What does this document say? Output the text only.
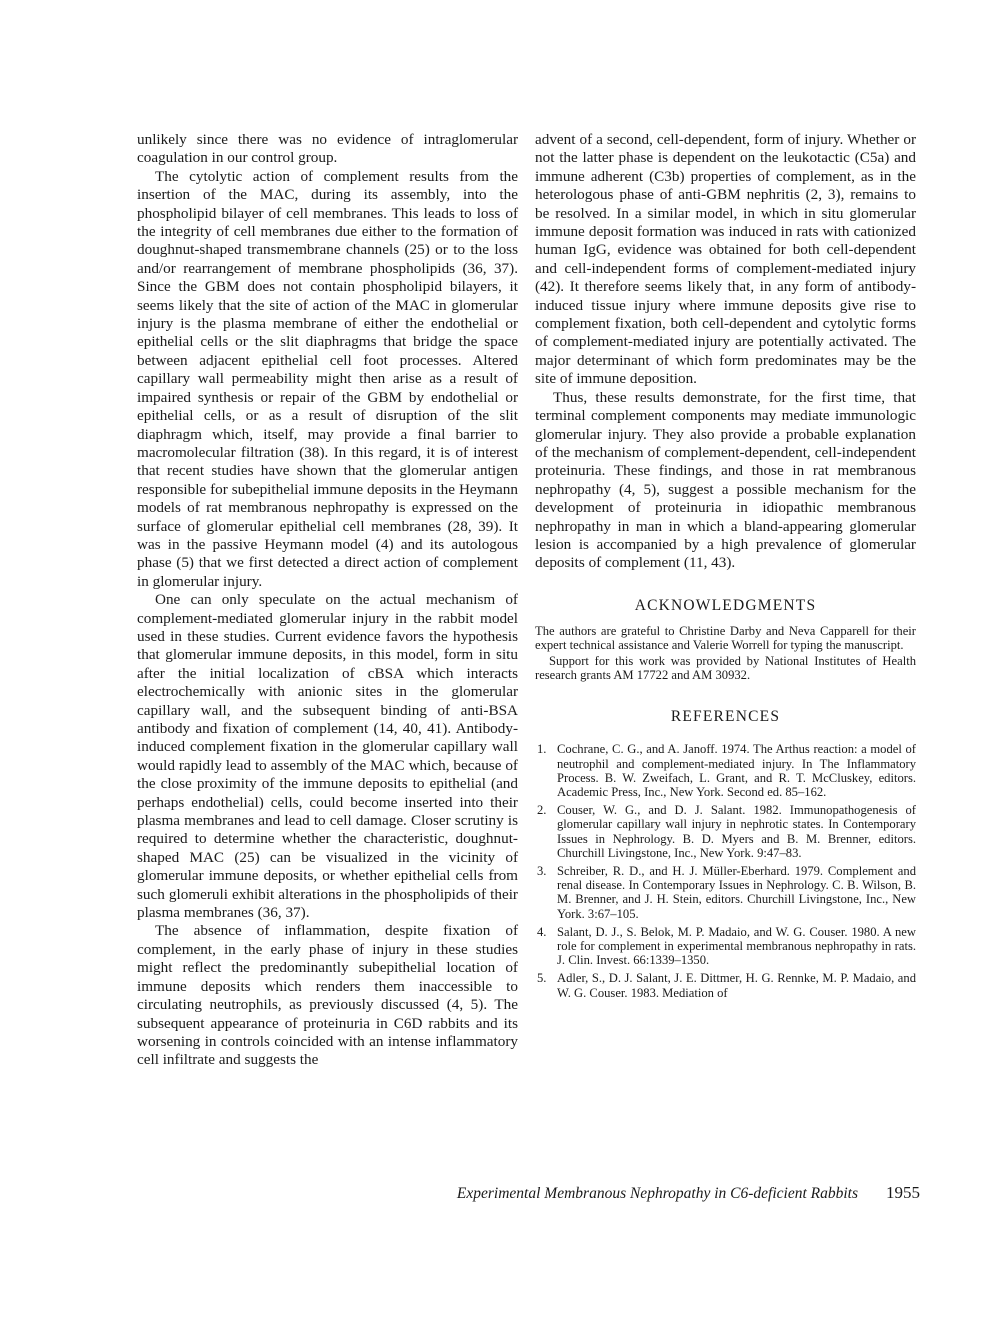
unlikely since there was no evidence of intraglomerular coagulation in our control group.

The cytolytic action of complement results from the insertion of the MAC, during its assembly, into the phospholipid bilayer of cell membranes. This leads to loss of the integrity of cell membranes due either to the formation of doughnut-shaped transmembrane channels (25) or to the loss and/or rearrangement of membrane phospholipids (36, 37). Since the GBM does not contain phospholipid bilayers, it seems likely that the site of action of the MAC in glomerular injury is the plasma membrane of either the endothelial or epithelial cells or the slit diaphragms that bridge the space between adjacent epithelial cell foot processes. Altered capillary wall permeability might then arise as a result of impaired synthesis or repair of the GBM by endothelial or epithelial cells, or as a result of disruption of the slit diaphragm which, itself, may provide a final barrier to macromolecular filtration (38). In this regard, it is of interest that recent studies have shown that the glomerular antigen responsible for subepithelial immune deposits in the Heymann models of rat membranous nephropathy is expressed on the surface of glomerular epithelial cell membranes (28, 39). It was in the passive Heymann model (4) and its autologous phase (5) that we first detected a direct action of complement in glomerular injury.

One can only speculate on the actual mechanism of complement-mediated glomerular injury in the rabbit model used in these studies. Current evidence favors the hypothesis that glomerular immune deposits, in this model, form in situ after the initial localization of cBSA which interacts electrochemically with anionic sites in the glomerular capillary wall, and the subsequent binding of anti-BSA antibody and fixation of complement (14, 40, 41). Antibody-induced complement fixation in the glomerular capillary wall would rapidly lead to assembly of the MAC which, because of the close proximity of the immune deposits to epithelial (and perhaps endothelial) cells, could become inserted into their plasma membranes and lead to cell damage. Closer scrutiny is required to determine whether the characteristic, doughnut-shaped MAC (25) can be visualized in the vicinity of glomerular immune deposits, or whether epithelial cells from such glomeruli exhibit alterations in the phospholipids of their plasma membranes (36, 37).

The absence of inflammation, despite fixation of complement, in the early phase of injury in these studies might reflect the predominantly subepithelial location of immune deposits which renders them inaccessible to circulating neutrophils, as previously discussed (4, 5). The subsequent appearance of proteinuria in C6D rabbits and its worsening in controls coincided with an intense inflammatory cell infiltrate and suggests the

advent of a second, cell-dependent, form of injury. Whether or not the latter phase is dependent on the leukotactic (C5a) and immune adherent (C3b) properties of complement, as in the heterologous phase of anti-GBM nephritis (2, 3), remains to be resolved. In a similar model, in which in situ glomerular immune deposit formation was induced in rats with cationized human IgG, evidence was obtained for both cell-dependent and cell-independent forms of complement-mediated injury (42). It therefore seems likely that, in any form of antibody-induced tissue injury where immune deposits give rise to complement fixation, both cell-dependent and cytolytic forms of complement-mediated injury are potentially activated. The major determinant of which form predominates may be the site of immune deposition.

Thus, these results demonstrate, for the first time, that terminal complement components may mediate immunologic glomerular injury. They also provide a probable explanation of the mechanism of complement-dependent, cell-independent proteinuria. These findings, and those in rat membranous nephropathy (4, 5), suggest a possible mechanism for the development of proteinuria in idiopathic membranous nephropathy in man in which a bland-appearing glomerular lesion is accompanied by a high prevalence of glomerular deposits of complement (11, 43).

ACKNOWLEDGMENTS

The authors are grateful to Christine Darby and Neva Capparell for their expert technical assistance and Valerie Worrell for typing the manuscript.

Support for this work was provided by National Institutes of Health research grants AM 17722 and AM 30932.

REFERENCES
1. Cochrane, C. G., and A. Janoff. 1974. The Arthus reaction: a model of neutrophil and complement-mediated injury. In The Inflammatory Process. B. W. Zweifach, L. Grant, and R. T. McCluskey, editors. Academic Press, Inc., New York. Second ed. 85–162.
2. Couser, W. G., and D. J. Salant. 1982. Immunopathogenesis of glomerular capillary wall injury in nephrotic states. In Contemporary Issues in Nephrology. B. D. Myers and B. M. Brenner, editors. Churchill Livingstone, Inc., New York. 9:47–83.
3. Schreiber, R. D., and H. J. Müller-Eberhard. 1979. Complement and renal disease. In Contemporary Issues in Nephrology. C. B. Wilson, B. M. Brenner, and J. H. Stein, editors. Churchill Livingstone, Inc., New York. 3:67–105.
4. Salant, D. J., S. Belok, M. P. Madaio, and W. G. Couser. 1980. A new role for complement in experimental membranous nephropathy in rats. J. Clin. Invest. 66:1339–1350.
5. Adler, S., D. J. Salant, J. E. Dittmer, H. G. Rennke, M. P. Madaio, and W. G. Couser. 1983. Mediation of
Experimental Membranous Nephropathy in C6-deficient Rabbits 1955
